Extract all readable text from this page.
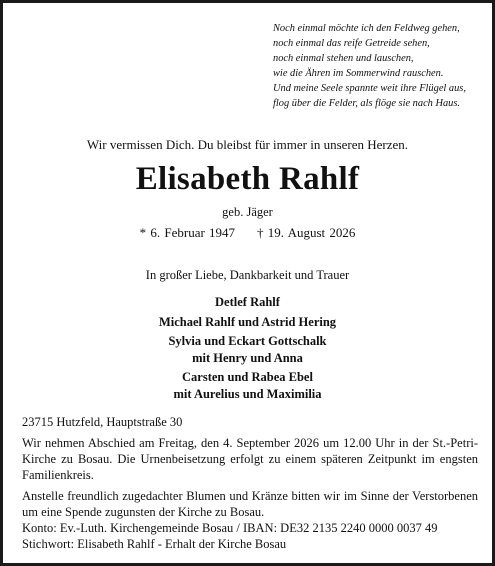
Noch einmal möchte ich den Feldweg gehen,
noch einmal das reife Getreide sehen,
noch einmal stehen und lauschen,
wie die Ähren im Sommerwind rauschen.
Und meine Seele spannte weit ihre Flügel aus,
flog über die Felder, als flöge sie nach Haus.
Wir vermissen Dich. Du bleibst für immer in unseren Herzen.
Elisabeth Rahlf
geb. Jäger
* 6. Februar 1947 † 19. August 2026
In großer Liebe, Dankbarkeit und Trauer
Detlef Rahlf
Michael Rahlf und Astrid Hering
Sylvia und Eckart Gottschalk
mit Henry und Anna
Carsten und Rabea Ebel
mit Aurelius und Maximilia
23715 Hutzfeld, Hauptstraße 30
Wir nehmen Abschied am Freitag, den 4. September 2026 um 12.00 Uhr in der St.-Petri-Kirche zu Bosau. Die Urnenbeisetzung erfolgt zu einem späteren Zeitpunkt im engsten Familienkreis.
Anstelle freundlich zugedachter Blumen und Kränze bitten wir im Sinne der Verstorbenen um eine Spende zugunsten der Kirche zu Bosau.
Konto: Ev.-Luth. Kirchengemeinde Bosau / IBAN: DE32 2135 2240 0000 0037 49
Stichwort: Elisabeth Rahlf - Erhalt der Kirche Bosau
